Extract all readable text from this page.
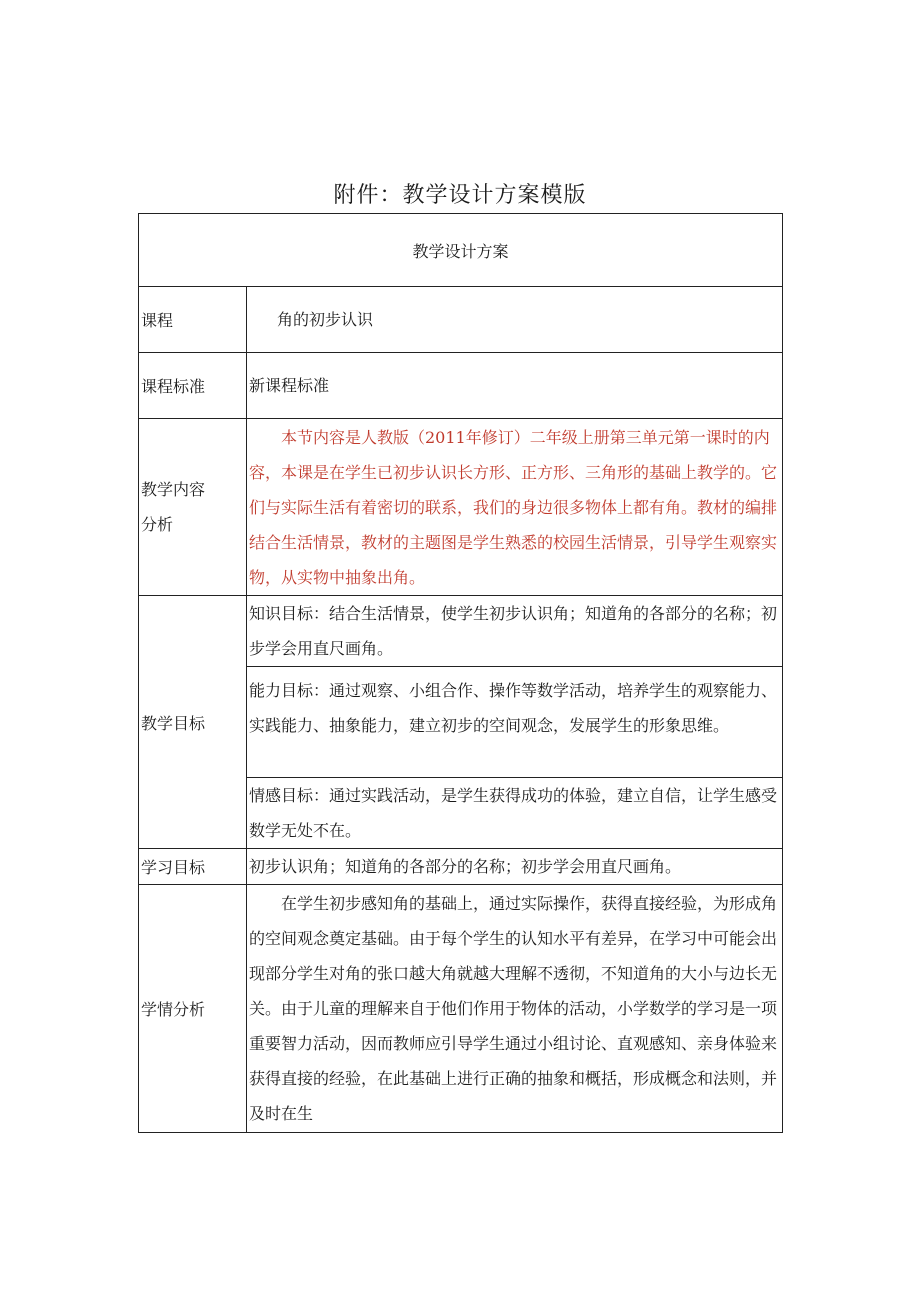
附件：教学设计方案模版
教学设计方案	
课程	角的初步认识
课程标准	新课程标准

教学内容分析	本节内容是人教版（2011年修订）二年级上册第三单元第一课时的内容，本课是在学生已初步认识长方形、正方形、三角形的基础上教学的。它们与实际生活有着密切的联系，我们的身边很多物体上都有角。教材的编排结合生活情景，教材的主题图是学生熟悉的校园生活情景，引导学生观察实物，从实物中抽象出角。

教学目标	知识目标：结合生活情景，使学生初步认识角；知道角的各部分的名称；初步学会用直尺画角。
	能力目标：通过观察、小组合作、操作等数学活动，培养学生的观察能力、实践能力、抽象能力，建立初步的空间观念，发展学生的形象思维。
	情感目标：通过实践活动，是学生获得成功的体验，建立自信，让学生感受数学无处不在。
学习目标	初步认识角；知道角的各部分的名称；初步学会用直尺画角。
学情分析	在学生初步感知角的基础上，通过实际操作，获得直接经验，为形成角的空间观念奠定基础。由于每个学生的认知水平有差异，在学习中可能会出现部分学生对角的张口越大角就越大理解不透彻，不知道角的大小与边长无关。由于儿童的理解来自于他们作用于物体的活动，小学数学的学习是一项重要智力活动，因而教师应引导学生通过小组讨论、直观感知、亲身体验来获得直接的经验，在此基础上进行正确的抽象和概括，形成概念和法则，并及时在生
